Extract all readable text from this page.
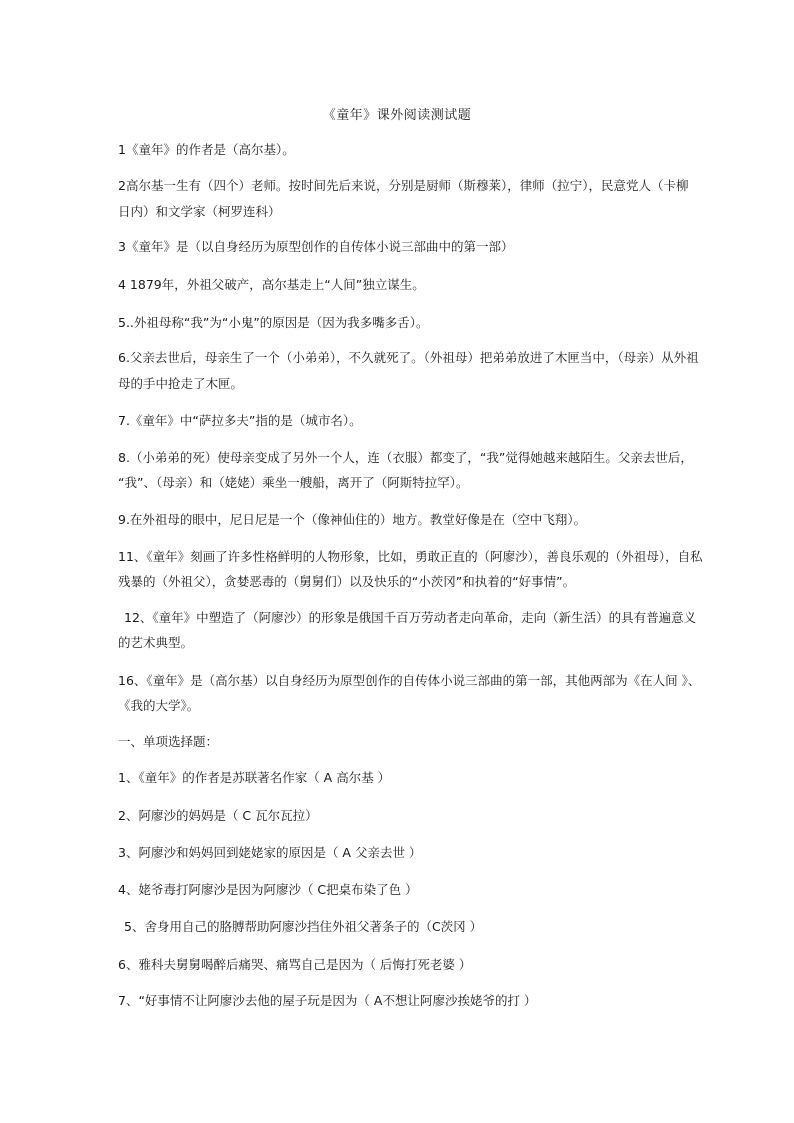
《童年》课外阅读测试题
1《童年》的作者是（高尔基）。
2高尔基一生有（四个）老师。按时间先后来说，分别是厨师（斯穆莱），律师（拉宁），民意党人（卡柳
日内）和文学家（柯罗连科）
3《童年》是（以自身经历为原型创作的自传体小说三部曲中的第一部）
4 1879年，外祖父破产，高尔基走上“人间”独立谋生。
5..外祖母称“我”为“小鬼”的原因是（因为我多嘴多舌）。
6.父亲去世后，母亲生了一个（小弟弟），不久就死了。（外祖母）把弟弟放进了木匣当中，（母亲）从外祖
母的手中抢走了木匣。
7.《童年》中“萨拉多夫”指的是（城市名）。
8.（小弟弟的死）使母亲变成了另外一个人，连（衣服）都变了，“我”觉得她越来越陌生。父亲去世后，
“我”、（母亲）和（姥姥）乘坐一艘船，离开了（阿斯特拉罕）。
9.在外祖母的眼中，尼日尼是一个（像神仙住的）地方。教堂好像是在（空中飞翔）。
11、《童年》刻画了许多性格鲜明的人物形象，比如，勇敢正直的（阿廖沙），善良乐观的（外祖母），自私
残暴的（外祖父），贪婪恶毒的（舅舅们）以及快乐的“小茨冈”和执着的“好事情”。
12、《童年》中塑造了（阿廖沙）的形象是俄国千百万劳动者走向革命，走向（新生活）的具有普遍意义
的艺术典型。
16、《童年》是（高尔基）以自身经历为原型创作的自传体小说三部曲的第一部，其他两部为《在人间 》、
《我的大学》。
一、单项选择题：
1、《童年》的作者是苏联著名作家（ A 高尔基 ）
2、阿廖沙的妈妈是（ C 瓦尔瓦拉）
3、阿廖沙和妈妈回到姥姥家的原因是（ A 父亲去世 ）
4、姥爷毒打阿廖沙是因为阿廖沙（ C把桌布染了色 ）
5、舍身用自己的胳膊帮助阿廖沙挡住外祖父著条子的（C茨冈 ）
6、雅科夫舅舅喝醉后痛哭、痛骂自己是因为（ 后悔打死老婆 ）
7、“好事情不让阿廖沙去他的屋子玩是因为（ A不想让阿廖沙挨姥爷的打 ）
